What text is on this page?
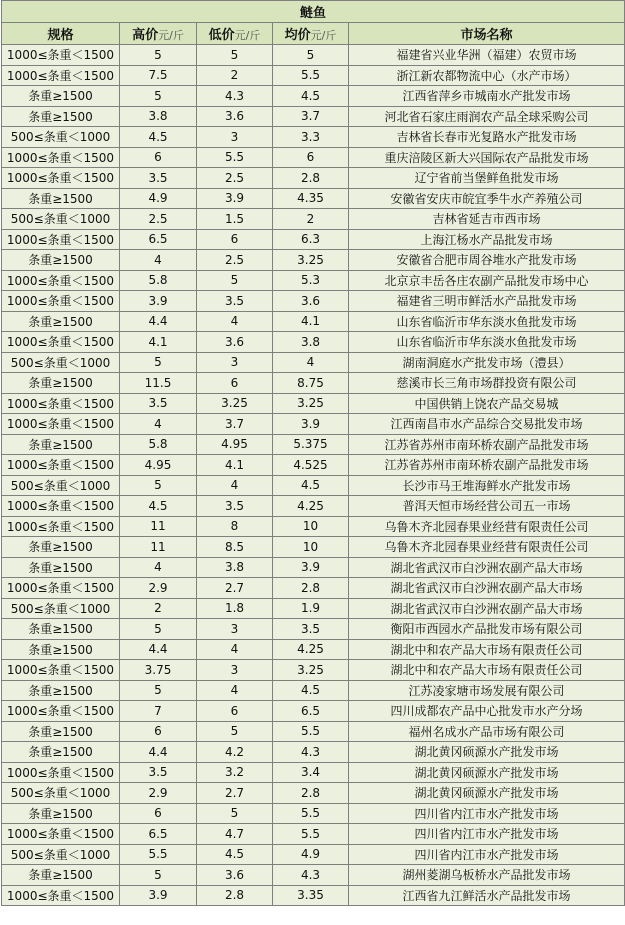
鲢鱼				
规格	高价元/斤	低价元/斤	均价元/斤	市场名称
1000≤条重＜1500	5	5	5	福建省兴业华洲（福建）农贸市场
1000≤条重＜1500	7.5	2	5.5	浙江新农都物流中心（水产市场）
条重≥1500	5	4.3	4.5	江西省萍乡市城南水产批发市场
条重≥1500	3.8	3.6	3.7	河北省石家庄雨润农产品全球采购公司
500≤条重＜1000	4.5	3	3.3	吉林省长春市光复路水产批发市场
1000≤条重＜1500	6	5.5	6	重庆涪陵区新大兴国际农产品批发市场
1000≤条重＜1500	3.5	2.5	2.8	辽宁省前当堡鲜鱼批发市场
条重≥1500	4.9	3.9	4.35	安徽省安庆市皖宜季牛水产养殖公司
500≤条重＜1000	2.5	1.5	2	吉林省延吉市西市场
1000≤条重＜1500	6.5	6	6.3	上海江杨水产品批发市场
条重≥1500	4	2.5	3.25	安徽省合肥市周谷堆水产批发市场
1000≤条重＜1500	5.8	5	5.3	北京京丰岳各庄农副产品批发市场中心
1000≤条重＜1500	3.9	3.5	3.6	福建省三明市鲜活水产品批发市场
条重≥1500	4.4	4	4.1	山东省临沂市华东淡水鱼批发市场
1000≤条重＜1500	4.1	3.6	3.8	山东省临沂市华东淡水鱼批发市场
500≤条重＜1000	5	3	4	湖南洞庭水产批发市场（澧县）
条重≥1500	11.5	6	8.75	慈溪市长三角市场群投资有限公司
1000≤条重＜1500	3.5	3.25	3.25	中国供销上饶农产品交易城
1000≤条重＜1500	4	3.7	3.9	江西南昌市水产品综合交易批发市场
条重≥1500	5.8	4.95	5.375	江苏省苏州市南环桥农副产品批发市场
1000≤条重＜1500	4.95	4.1	4.525	江苏省苏州市南环桥农副产品批发市场
500≤条重＜1000	5	4	4.5	长沙市马王堆海鲜水产批发市场
1000≤条重＜1500	4.5	3.5	4.25	普洱天恒市场经营公司五一市场
1000≤条重＜1500	11	8	10	乌鲁木齐北园春果业经营有限责任公司
条重≥1500	11	8.5	10	乌鲁木齐北园春果业经营有限责任公司
条重≥1500	4	3.8	3.9	湖北省武汉市白沙洲农副产品大市场
1000≤条重＜1500	2.9	2.7	2.8	湖北省武汉市白沙洲农副产品大市场
500≤条重＜1000	2	1.8	1.9	湖北省武汉市白沙洲农副产品大市场
条重≥1500	5	3	3.5	衡阳市西园水产品批发市场有限公司
条重≥1500	4.4	4	4.25	湖北中和农产品大市场有限责任公司
1000≤条重＜1500	3.75	3	3.25	湖北中和农产品大市场有限责任公司
条重≥1500	5	4	4.5	江苏凌家塘市场发展有限公司
1000≤条重＜1500	7	6	6.5	四川成都农产品中心批发市水产分场
条重≥1500	6	5	5.5	福州名成水产品市场有限公司
条重≥1500	4.4	4.2	4.3	湖北黄冈硕源水产批发市场
1000≤条重＜1500	3.5	3.2	3.4	湖北黄冈硕源水产批发市场
500≤条重＜1000	2.9	2.7	2.8	湖北黄冈硕源水产批发市场
条重≥1500	6	5	5.5	四川省内江市水产批发市场
1000≤条重＜1500	6.5	4.7	5.5	四川省内江市水产批发市场
500≤条重＜1000	5.5	4.5	4.9	四川省内江市水产批发市场
条重≥1500	5	3.6	4.3	湖州菱湖乌板桥水产品批发市场
1000≤条重＜1500	3.9	2.8	3.35	江西省九江鲜活水产品批发市场
